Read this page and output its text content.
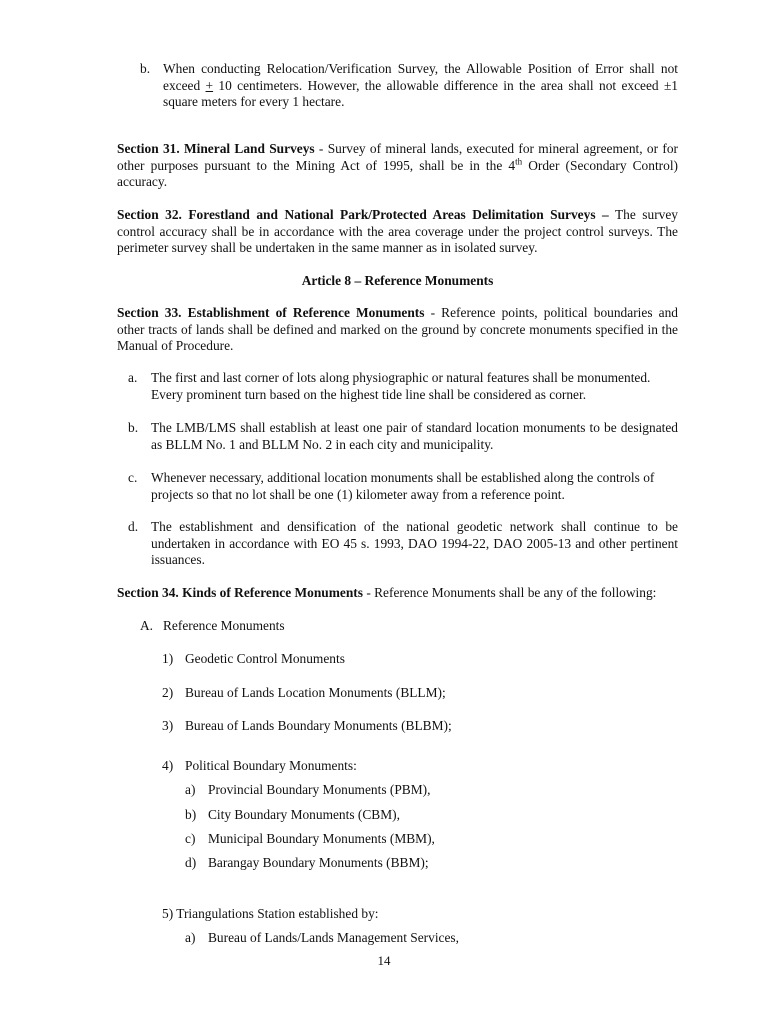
b. When conducting Relocation/Verification Survey, the Allowable Position of Error shall not exceed + 10 centimeters. However, the allowable difference in the area shall not exceed ±1 square meters for every 1 hectare.
Section 31. Mineral Land Surveys - Survey of mineral lands, executed for mineral agreement, or for other purposes pursuant to the Mining Act of 1995, shall be in the 4th Order (Secondary Control) accuracy.
Section 32. Forestland and National Park/Protected Areas Delimitation Surveys – The survey control accuracy shall be in accordance with the area coverage under the project control surveys. The perimeter survey shall be undertaken in the same manner as in isolated survey.
Article 8 – Reference Monuments
Section 33. Establishment of Reference Monuments - Reference points, political boundaries and other tracts of lands shall be defined and marked on the ground by concrete monuments specified in the Manual of Procedure.
a. The first and last corner of lots along physiographic or natural features shall be monumented. Every prominent turn based on the highest tide line shall be considered as corner.
b. The LMB/LMS shall establish at least one pair of standard location monuments to be designated as BLLM No. 1 and BLLM No. 2 in each city and municipality.
c. Whenever necessary, additional location monuments shall be established along the controls of projects so that no lot shall be one (1) kilometer away from a reference point.
d. The establishment and densification of the national geodetic network shall continue to be undertaken in accordance with EO 45 s. 1993, DAO 1994-22, DAO 2005-13 and other pertinent issuances.
Section 34. Kinds of Reference Monuments - Reference Monuments shall be any of the following:
A. Reference Monuments
1) Geodetic Control Monuments
2) Bureau of Lands Location Monuments (BLLM);
3) Bureau of Lands Boundary Monuments (BLBM);
4) Political Boundary Monuments:
a) Provincial Boundary Monuments (PBM),
b) City Boundary Monuments (CBM),
c) Municipal Boundary Monuments (MBM),
d) Barangay Boundary Monuments (BBM);
5) Triangulations Station established by:
a) Bureau of Lands/Lands Management Services,
14
